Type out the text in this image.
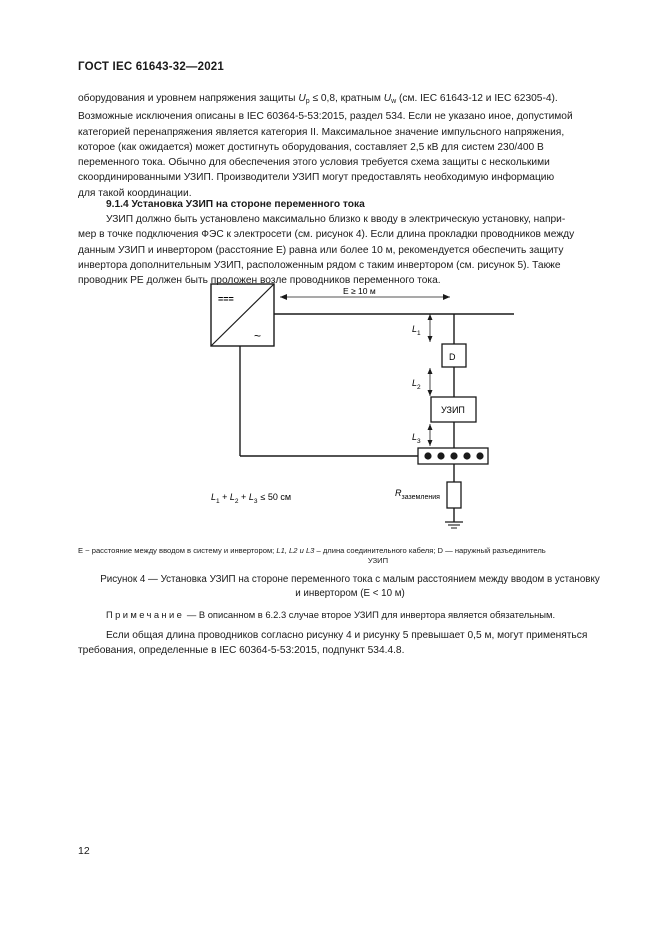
ГОСТ IEC 61643-32—2021
оборудования и уровнем напряжения защиты $U_p \le 0,8$, кратным $U_w$ (см. IEC 61643-12 и IEC 62305-4).
Возможные исключения описаны в IEC 60364-5-53:2015, раздел 534. Если не указано иное, допустимой
категорией перенапряжения является категория II. Максимальное значение импульсного напряжения,
которое (как ожидается) может достигнуть оборудования, составляет 2,5 кВ для систем 230/400 В
переменного тока. Обычно для обеспечения этого условия требуется схема защиты с несколькими
скоординированными УЗИП. Производители УЗИП могут предоставлять необходимую информацию
для такой координации.
9.1.4 Установка УЗИП на стороне переменного тока
УЗИП должно быть установлено максимально близко к вводу в электрическую установку, напри-
мер в точке подключения ФЭС к электросети (см. рисунок 4). Если длина прокладки проводников между
данным УЗИП и инвертором (расстояние Е) равна или более 10 м, рекомендуется обеспечить защиту
инвертора дополнительным УЗИП, расположенным рядом с таким инвертором (см. рисунок 5). Также
проводник РЕ должен быть проложен возле проводников переменного тока.
===
~
E ≥ 10 м
D
УЗИП
$L_1$
$L_2$
$L_3$
$R_{заземления}$
$L_1 + L_2 + L_3 \le 50$ см
E ~ расстояние между вводом в систему и инвертором; L1, L2 и L3 – длина соединительного кабеля; D — наружный разъединитель
УЗИП
Рисунок 4 — Установка УЗИП на стороне переменного тока с малым расстоянием между вводом в установку
и инвертором (E < 10 м)
Примечание — В описанном в 6.2.3 случае второе УЗИП для инвертора является обязательным.
Если общая длина проводников согласно рисунку 4 и рисунку 5 превышает 0,5 м, могут применяться
требования, определенные в IEC 60364-5-53:2015, подпункт 534.4.8.
12
